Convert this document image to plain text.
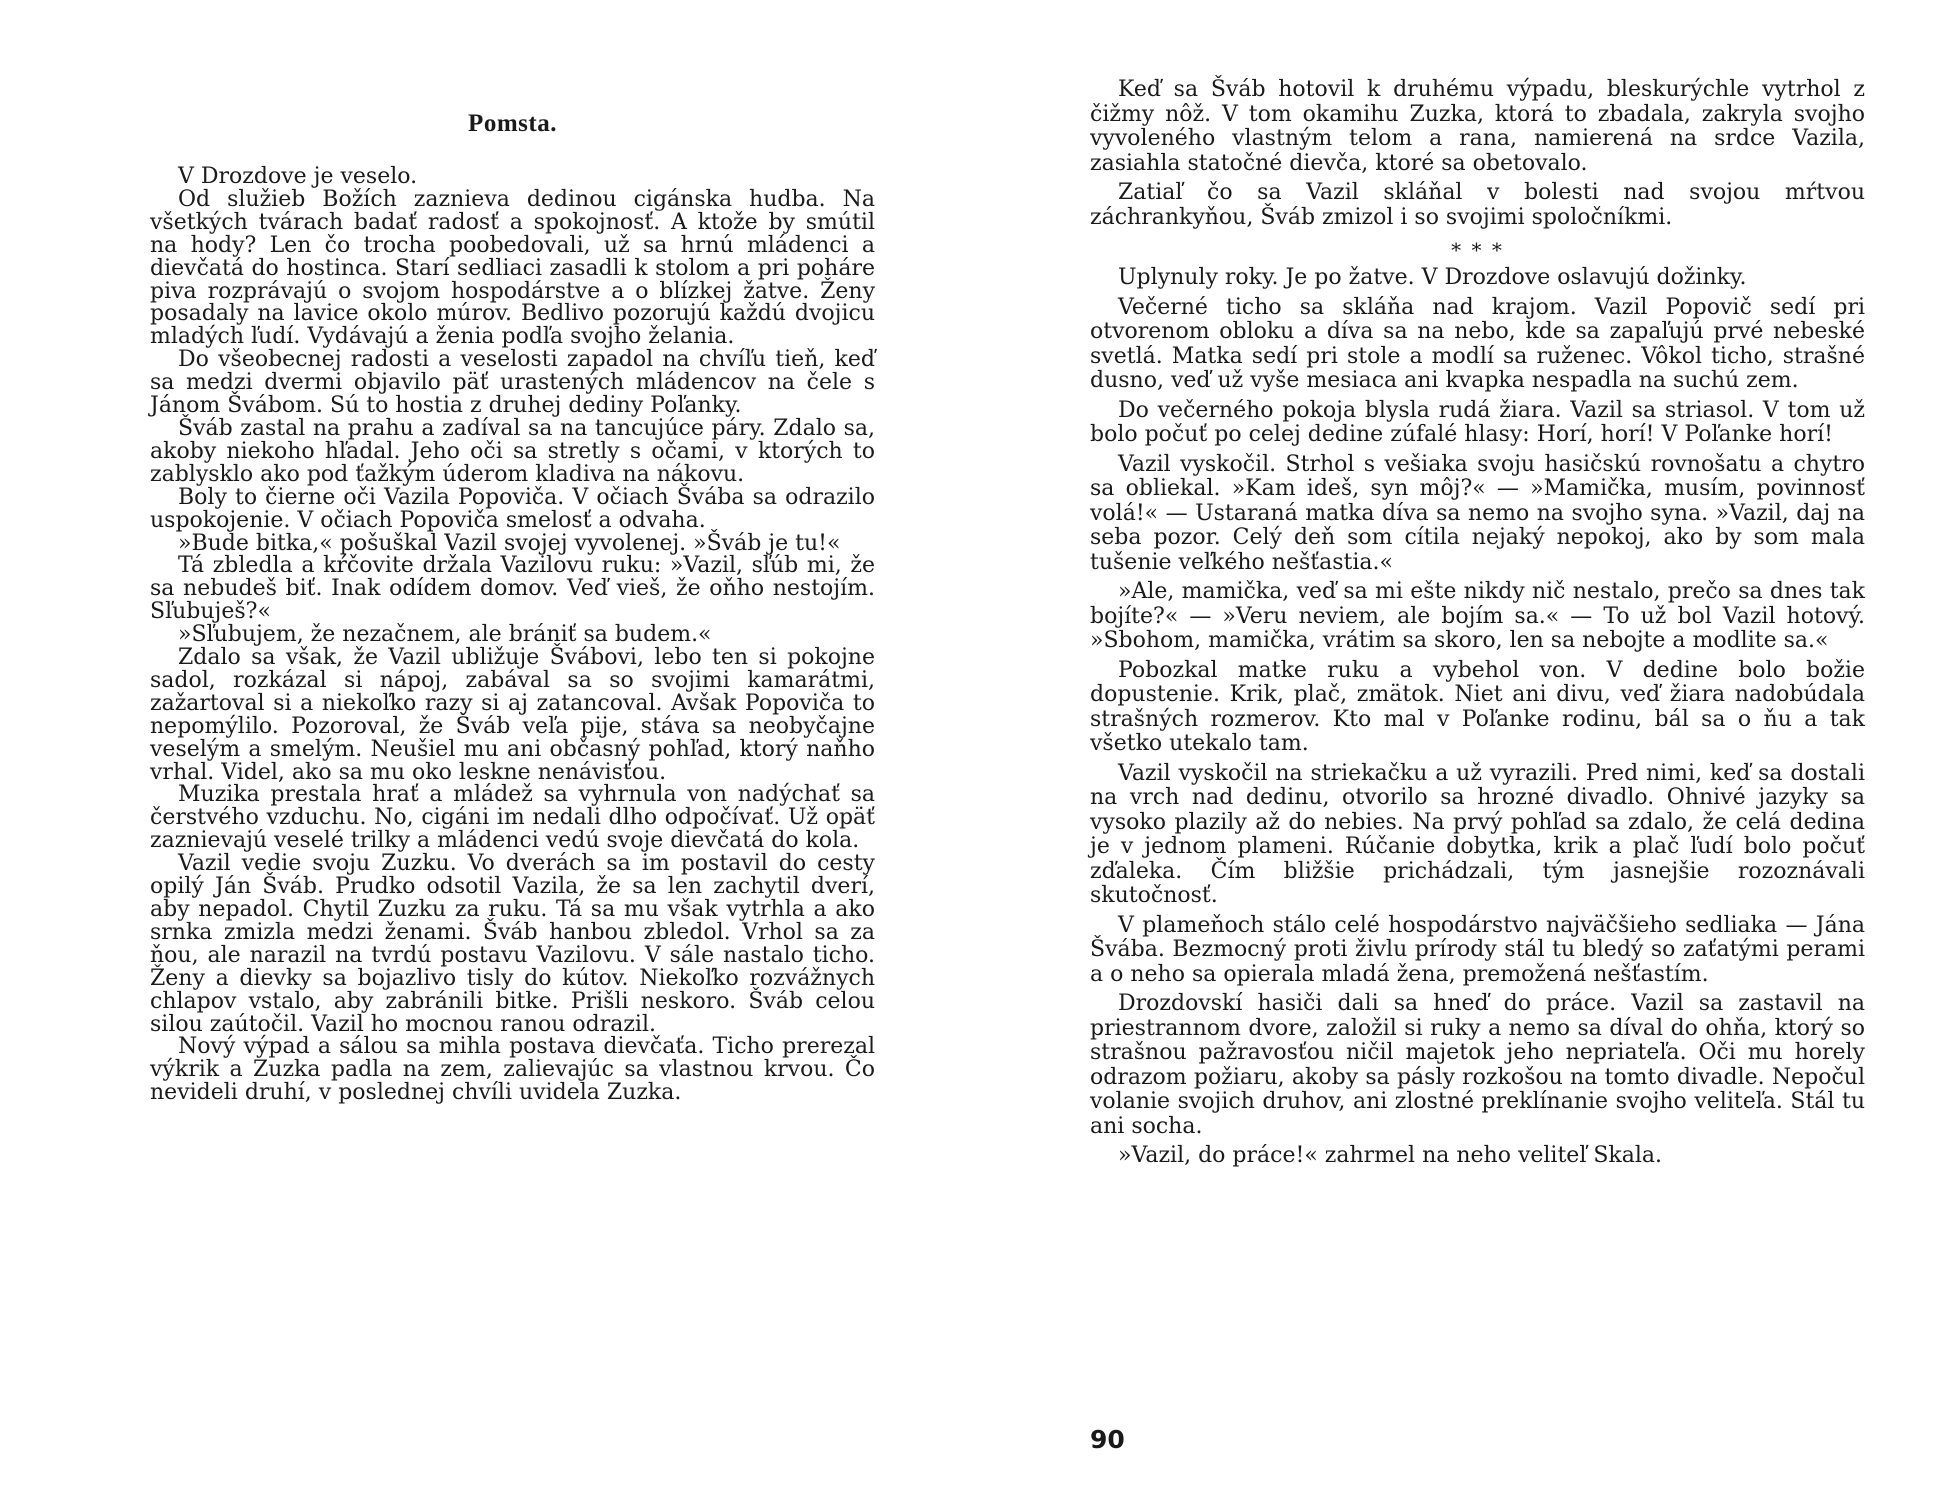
Pomsta.

V Drozdove je veselo.

Od služieb Božích zaznieva dedinou cigánska hudba. Na všetkých tvárach badať radosť a spokojnosť. A ktože by smútil na hody? Len čo trocha poobedovali, už sa hrnú mládenci a dievčatá do hostinca. Starí sedliaci zasadli k stolom a pri poháre piva rozprávajú o svojom hospodárstve a o blízkej žatve. Ženy posadaly na lavice okolo múrov. Bedlivo pozorujú každú dvojicu mladých ľudí. Vydávajú a ženia podľa svojho želania.

Do všeobecnej radosti a veselosti zapadol na chvíľu tieň, keď sa medzi dvermi objavilo päť urastených mládencov na čele s Jánom Švábom. Sú to hostia z druhej dediny Poľanky.

Šváb zastal na prahu a zadíval sa na tancujúce páry. Zdalo sa, akoby niekoho hľadal. Jeho oči sa stretly s očami, v ktorých to zablysklo ako pod ťažkým úderom kladiva na nákovu.

Boly to čierne oči Vazila Popoviča. V očiach Švába sa odrazilo uspokojenie. V očiach Popoviča smelosť a odvaha.

»Bude bitka,« pošuškal Vazil svojej vyvolenej. »Šváb je tu!«

Tá zbledla a kŕčovite držala Vazilovu ruku: »Vazil, sľúb mi, že sa nebudeš biť. Inak odídem domov. Veď vieš, že oňho nestojím. Sľubuješ?«

»Sľubujem, že nezačnem, ale brániť sa budem.«

Zdalo sa však, že Vazil ubližuje Švábovi, lebo ten si pokojne sadol, rozkázal si nápoj, zabával sa so svojimi kamarátmi, zažartoval si a niekoľko razy si aj zatancoval. Avšak Popoviča to nepomýlilo. Pozoroval, že Šváb veľa pije, stáva sa neobyčajne veselým a smelým. Neušiel mu ani občasný pohľad, ktorý naňho vrhal. Videl, ako sa mu oko leskne nenávisťou.

Muzika prestala hrať a mládež sa vyhrnula von nadýchať sa čerstvého vzduchu. No, cigáni im nedali dlho odpočívať. Už opäť zaznievajú veselé trilky a mládenci vedú svoje dievčatá do kola.

Vazil vedie svoju Zuzku. Vo dverách sa im postavil do cesty opilý Ján Šváb. Prudko odsotil Vazila, že sa len zachytil dverí, aby nepadol. Chytil Zuzku za ruku. Tá sa mu však vytrhla a ako srnka zmizla medzi ženami. Šváb hanbou zbledol. Vrhol sa za ňou, ale narazil na tvrdú postavu Vazilovu. V sále nastalo ticho. Ženy a dievky sa bojazlivo tisly do kútov. Niekoľko rozvážnych chlapov vstalo, aby zabránili bitke. Prišli neskoro. Šváb celou silou zaútočil. Vazil ho mocnou ranou odrazil.

Nový výpad a sálou sa mihla postava dievčaťa. Ticho prerezal výkrik a Zuzka padla na zem, zalievajúc sa vlastnou krvou. Čo nevideli druhí, v poslednej chvíli uvidela Zuzka.

Keď sa Šváb hotovil k druhému výpadu, bleskurýchle vytrhol z čižmy nôž. V tom okamihu Zuzka, ktorá to zbadala, zakryla svojho vyvoleného vlastným telom a rana, namierená na srdce Vazila, zasiahla statočné dievča, ktoré sa obetovalo.

Zatiaľ čo sa Vazil skláňal v bolesti nad svojou mŕtvou záchrankyňou, Šváb zmizol i so svojimi spoločníkmi.

* * *

Uplynuly roky. Je po žatve. V Drozdove oslavujú dožinky.

Večerné ticho sa skláňa nad krajom. Vazil Popovič sedí pri otvorenom obloku a díva sa na nebo, kde sa zapaľujú prvé nebeské svetlá. Matka sedí pri stole a modlí sa ruženec. Vôkol ticho, strašné dusno, veď už vyše mesiaca ani kvapka nespadla na suchú zem.

Do večerného pokoja blysla rudá žiara. Vazil sa striasol. V tom už bolo počuť po celej dedine zúfalé hlasy: Horí, horí! V Poľanke horí!

Vazil vyskočil. Strhol s vešiaka svoju hasičskú rovnošatu a chytro sa obliekal. »Kam ideš, syn môj?« — »Mamička, musím, povinnosť volá!« — Ustaraná matka díva sa nemo na svojho syna. »Vazil, daj na seba pozor. Celý deň som cítila nejaký nepokoj, ako by som mala tušenie veľkého nešťastia.«

»Ale, mamička, veď sa mi ešte nikdy nič nestalo, prečo sa dnes tak bojíte?« — »Veru neviem, ale bojím sa.« — To už bol Vazil hotový. »Sbohom, mamička, vrátim sa skoro, len sa nebojte a modlite sa.«

Pobozkal matke ruku a vybehol von. V dedine bolo božie dopustenie. Krik, plač, zmätok. Niet ani divu, veď žiara nadobúdala strašných rozmerov. Kto mal v Poľanke rodinu, bál sa o ňu a tak všetko utekalo tam.

Vazil vyskočil na striekačku a už vyrazili. Pred nimi, keď sa dostali na vrch nad dedinu, otvorilo sa hrozné divadlo. Ohnivé jazyky sa vysoko plazily až do nebies. Na prvý pohľad sa zdalo, že celá dedina je v jednom plameni. Rúčanie dobytka, krik a plač ľudí bolo počuť zďaleka. Čím bližšie prichádzali, tým jasnejšie rozoznávali skutočnosť.

V plameňoch stálo celé hospodárstvo najväčšieho sedliaka — Jána Švába. Bezmocný proti živlu prírody stál tu bledý so zaťatými perami a o neho sa opierala mladá žena, premožená nešťastím.

Drozdovskí hasiči dali sa hneď do práce. Vazil sa zastavil na priestrannom dvore, založil si ruky a nemo sa díval do ohňa, ktorý so strašnou pažravosťou ničil majetok jeho nepriateľa. Oči mu horely odrazom požiaru, akoby sa pásly rozkošou na tomto divadle. Nepočul volanie svojich druhov, ani zlostné preklínanie svojho veliteľa. Stál tu ani socha.

»Vazil, do práce!« zahrmel na neho veliteľ Skala.

90
